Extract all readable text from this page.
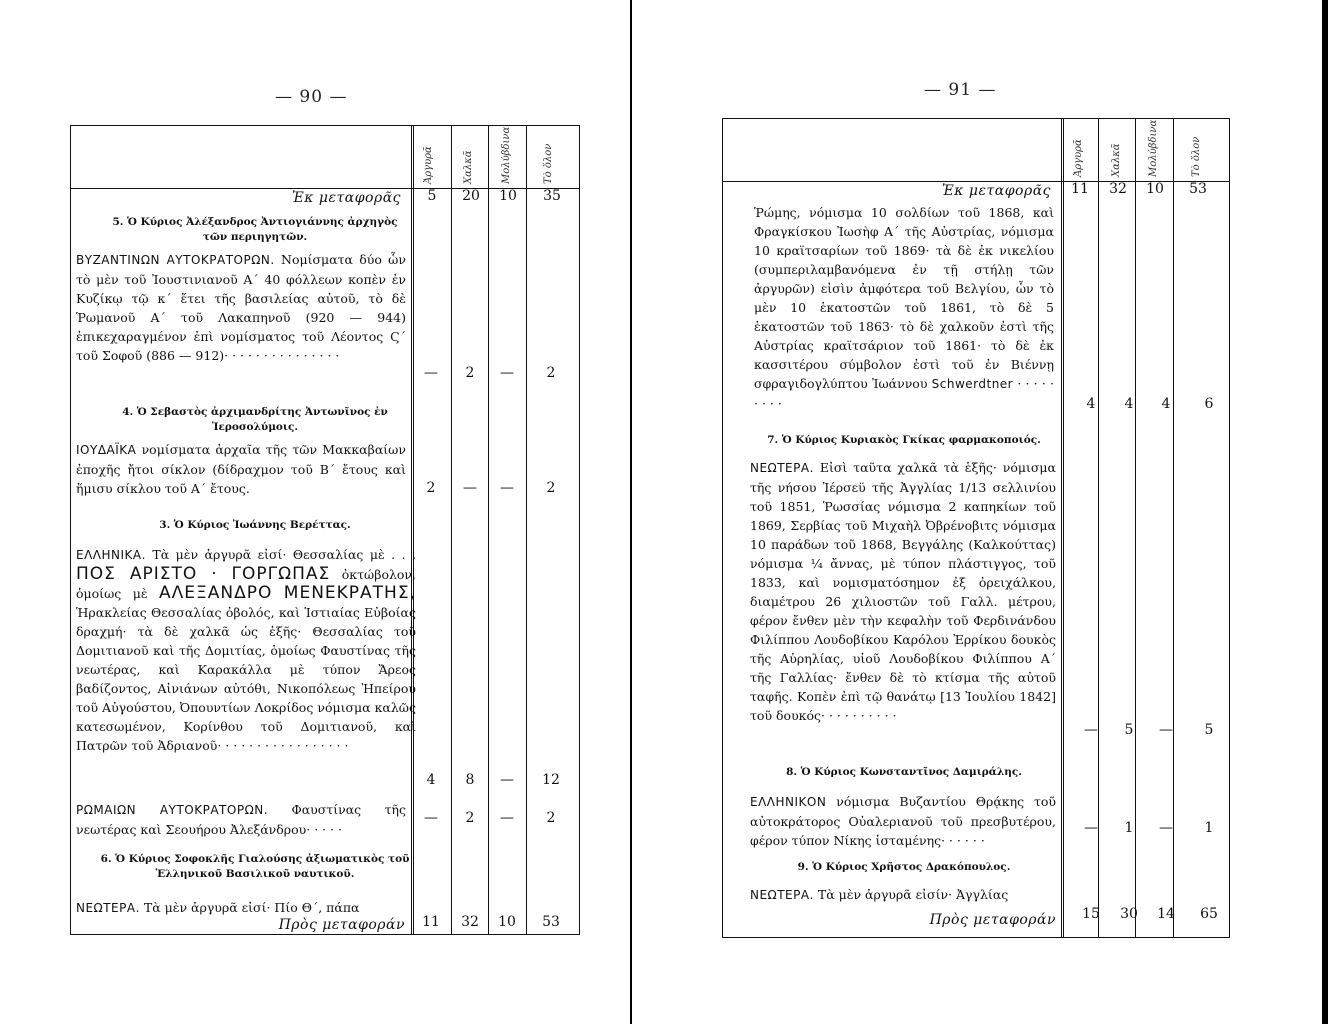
— 90 —
Ἀργυρᾶ	Χαλκᾶ	Μολύβδινα	Τὸ ὅλον
Ἐκ μεταφορᾶς	5	20	10	35
5. Ὁ Κύριος Ἀλέξανδρος Ἀντιογιάννης ἀρχηγὸς τῶν περιηγητῶν.
ΒΥΖΑΝΤΙΝΩΝ ΑΥΤΟΚΡΑΤΟΡΩΝ. Νομίσματα δύο ὧν τὸ μὲν τοῦ Ἰουστινιανοῦ Α΄ 40 φόλλεων κοπὲν ἐν Κυζίκῳ τῷ κ΄ ἔτει τῆς βασιλείας αὐτοῦ, τὸ δὲ Ῥωμανοῦ Α΄ τοῦ Λακαπηνοῦ (920 — 944) ἐπικεχαραγμένον ἐπὶ νομίσματος τοῦ Λέοντος Ϛ΄ τοῦ Σοφοῦ (886 — 912)· · · · · · · · · · · · · · ·
—	2	—	2
4. Ὁ Σεβαστὸς ἀρχιμανδρίτης Ἀντωνῖνος ἐν Ἱεροσολύμοις.
ΙΟΥΔΑΪΚΑ νομίσματα ἀρχαῖα τῆς τῶν Μακκαβαίων ἐποχῆς ἤτοι σίκλον (δίδραχμον τοῦ Β΄ ἔτους καὶ ἥμισυ σίκλου τοῦ Α΄ ἔτους.	2	—	—	2
3. Ὁ Κύριος Ἰωάννης Βερέττας.
ΕΛΛΗΝΙΚΑ. Τὰ μὲν ἀργυρᾶ εἰσί· Θεσσαλίας μὲ . . . ΠΟΣ ΑΡΙΣΤΟ · ΓΟΡΓΩΠΑΣ ὀκτώβολον, ὁμοίως μὲ ΑΛΕΞΑΝΔΡΟ ΜΕΝΕΚΡΑΤΗΣ, Ἡρακλείας Θεσσαλίας ὀβολός, καὶ Ἱστιαίας Εὐβοίας δραχμή· τὰ δὲ χαλκᾶ ὡς ἑξῆς· Θεσσαλίας τοῦ Δομιτιανοῦ καὶ τῆς Δομιτίας, ὁμοίως Φαυστίνας τῆς νεωτέρας, καὶ Καρακάλλα μὲ τύπον Ἄρεος βαδίζοντος, Αἰνιάνων αὐτόθι, Νικοπόλεως Ἠπείρου τοῦ Αὐγούστου, Ὀπουντίων Λοκρίδος νόμισμα καλῶς κατεσωμένον, Κορίνθου τοῦ Δομιτιανοῦ, καὶ Πατρῶν τοῦ Ἀδριανοῦ· · · · · · · · · · · · · · · · ·
4	8	—	12
ΡΩΜΑΙΩΝ ΑΥΤΟΚΡΑΤΟΡΩΝ. Φαυστίνας τῆς νεωτέρας καὶ Σεουήρου Ἀλεξάνδρου· · · · ·
—	2	—	2
6. Ὁ Κύριος Σοφοκλῆς Γιαλούσης ἀξιωματικὸς τοῦ Ἑλληνικοῦ Βασιλικοῦ ναυτικοῦ.
ΝΕΩΤΕΡΑ. Τὰ μὲν ἀργυρᾶ εἰσί· Πίο Θ΄, πάπα
Πρὸς μεταφοράν	11	32	10	53
— 91 —
Ἀργυρᾶ	Χαλκᾶ	Μολύβδινα	Τὸ ὅλον
Ἐκ μεταφορᾶς	11	32	10	53
Ῥώμης, νόμισμα 10 σολδίων τοῦ 1868, καὶ Φραγκίσκου Ἰωσὴφ Α΄ τῆς Αὐστρίας, νόμισμα 10 κραϊτσαρίων τοῦ 1869· τὰ δὲ ἐκ νικελίου (συμπεριλαμβανόμενα ἐν τῇ στήλῃ τῶν ἀργυρῶν) εἰσὶν ἀμφότερα τοῦ Βελγίου, ὧν τὸ μὲν 10 ἑκατοστῶν τοῦ 1861, τὸ δὲ 5 ἑκατοστῶν τοῦ 1863· τὸ δὲ χαλκοῦν ἐστὶ τῆς Αὐστρίας κραϊτσάριον τοῦ 1861· τὸ δὲ ἐκ κασσιτέρου σύμβολον ἐστὶ τοῦ ἐν Βιέννῃ σφραγιδογλύπτου Ἰωάννου Schwerdtner · · · · · · · · ·	4	4	4	6
7. Ὁ Κύριος Κυριακὸς Γκίκας φαρμακοποιός.
ΝΕΩΤΕΡΑ. Εἰσὶ ταῦτα χαλκᾶ τὰ ἑξῆς· νόμισμα τῆς νήσου Ἰέρσεϋ τῆς Ἀγγλίας 1/13 σελλινίου τοῦ 1851, Ῥωσσίας νόμισμα 2 καπηκίων τοῦ 1869, Σερβίας τοῦ Μιχαὴλ Ὀβρένοβιτς νόμισμα 10 παράδων τοῦ 1868, Βεγγάλης (Καλκούττας) νόμισμα ¼ ἄννας, μὲ τύπον πλάστιγγος, τοῦ 1833, καὶ νομισματόσημον ἐξ ὀρειχάλκου, διαμέτρου 26 χιλιοστῶν τοῦ Γαλλ. μέτρου, φέρον ἔνθεν μὲν τὴν κεφαλὴν τοῦ Φερδινάνδου Φιλίππου Λουδοβίκου Καρόλου Ἐρρίκου δουκὸς τῆς Αὐρηλίας, υἱοῦ Λουδοβίκου Φιλίππου Α΄ τῆς Γαλλίας· ἔνθεν δὲ τὸ κτίσμα τῆς αὐτοῦ ταφῆς. Κοπὲν ἐπὶ τῷ θανάτῳ [13 Ἰουλίου 1842] τοῦ δουκός· · · · · · · · · ·
—	5	—	5
8. Ὁ Κύριος Κωνσταντῖνος Δαμιράλης.
ΕΛΛΗΝΙΚΟΝ νόμισμα Βυζαντίου Θρᾴκης τοῦ αὐτοκράτορος Οὐαλεριανοῦ τοῦ πρεσβυτέρου, φέρον τύπον Νίκης ἱσταμένης· · · · · ·
—	1	—	1
9. Ὁ Κύριος Χρῆστος Δρακόπουλος.
ΝΕΩΤΕΡΑ. Τὰ μὲν ἀργυρᾶ εἰσίν· Ἀγγλίας
Πρὸς μεταφοράν	15	30	14	65
